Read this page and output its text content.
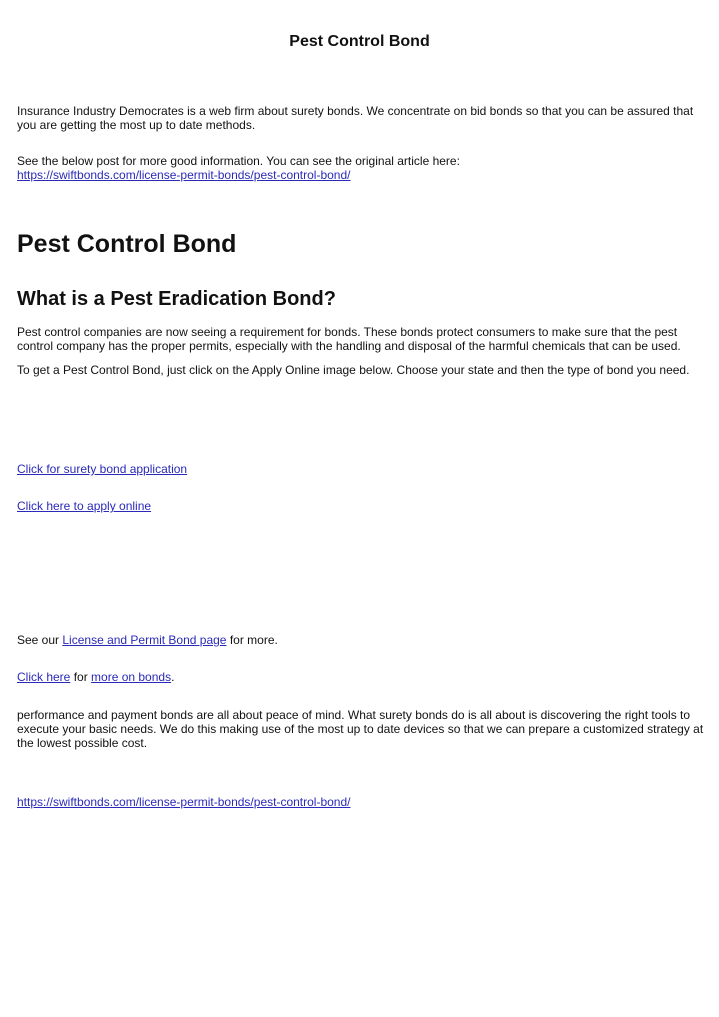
Pest Control Bond

Insurance Industry Democrates is a web firm about surety bonds. We concentrate on bid bonds so that you can be assured that you are getting the most up to date methods.

See the below post for more good information. You can see the original article here:
https://swiftbonds.com/license-permit-bonds/pest-control-bond/
Pest Control Bond
What is a Pest Eradication Bond?

Pest control companies are now seeing a requirement for bonds. These bonds protect consumers to make sure that the pest control company has the proper permits, especially with the handling and disposal of the harmful chemicals that can be used.

To get a Pest Control Bond, just click on the Apply Online image below. Choose your state and then the type of bond you need.

Click for surety bond application

Click here to apply online

See our License and Permit Bond page for more.

Click here for more on bonds.

performance and payment bonds are all about peace of mind. What surety bonds do is all about is discovering the right tools to execute your basic needs. We do this making use of the most up to date devices so that we can prepare a customized strategy at the lowest possible cost.

https://swiftbonds.com/license-permit-bonds/pest-control-bond/
